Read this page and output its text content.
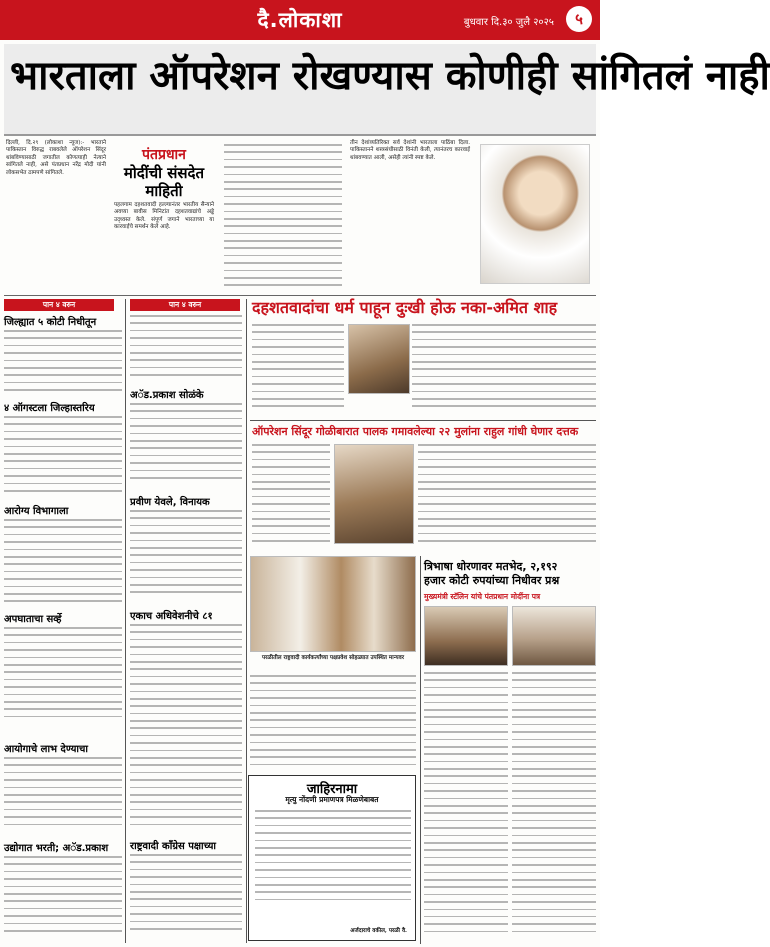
दै.लोकाशा	बुधवार दि.३० जुलै २०२५	५
भारताला ऑपरेशन रोखण्यास कोणीही सांगितलं नाही

दिल्ली, दि.२९ (लोकाशा न्यूज):- भारताने पाकिस्तान विरुद्ध राबवलेले ऑपरेशन सिंदूर थांबविण्यासाठी जगातील कोणत्याही नेत्याने सांगितले नाही, असे पंतप्रधान नरेंद्र मोदी यांनी लोकसभेत ठामपणे सांगितले.

पंतप्रधान
मोदींची संसदेत माहिती

पहलगाम दहशतवादी हल्ल्यानंतर भारतीय सैन्याने अवघ्या बावीस मिनिटांत दहशतवाद्यांचे अड्डे उद्ध्वस्त केले. संपूर्ण जगाने भारताच्या या कारवाईचे समर्थन केले आहे.

तीन देशांव्यतिरिक्त सर्व देशांनी भारताला पाठिंबा दिला. पाकिस्तानने शस्त्रसंधीसाठी विनंती केली, त्यानंतरच कारवाई थांबवण्यात आली, असेही त्यांनी स्पष्ट केले.

पान ४ वरुन	पान ४ वरुन
जिल्ह्यात ५ कोटी निधीतून
४ ऑगस्टला जिल्हास्तरिय
आरोग्य विभागाला
अपघाताचा सर्व्हे
आयोगाचे लाभ देण्याचा
उद्योगात भरती; अॅड.प्रकाश
अॅड.प्रकाश सोळंके
प्रवीण येवले, विनायक
एकाच अधिवेशनीचे ८१
राष्ट्रवादी काँग्रेस पक्षाच्या
दहशतवादांचा धर्म पाहून दुःखी होऊ नका-अमित शाह
ऑपरेशन सिंदूर गोळीबारात पालक गमावलेल्या २२ मुलांना राहुल गांधी घेणार दत्तक
परळीतील राष्ट्रवादी कार्यकर्त्यांच्या पक्षप्रवेश सोहळ्यात उपस्थित मान्यवर
त्रिभाषा धोरणावर मतभेद, २,१९२
हजार कोटी रुपयांच्या निधीवर प्रश्न
मुख्यमंत्री स्टॅलिन यांचे पंतप्रधान मोदींना पत्र
जाहिरनामा
मृत्यु नोंदणी प्रमाणपत्र मिळणेबाबत
अर्जदाराचे वकील, परळी वै.
